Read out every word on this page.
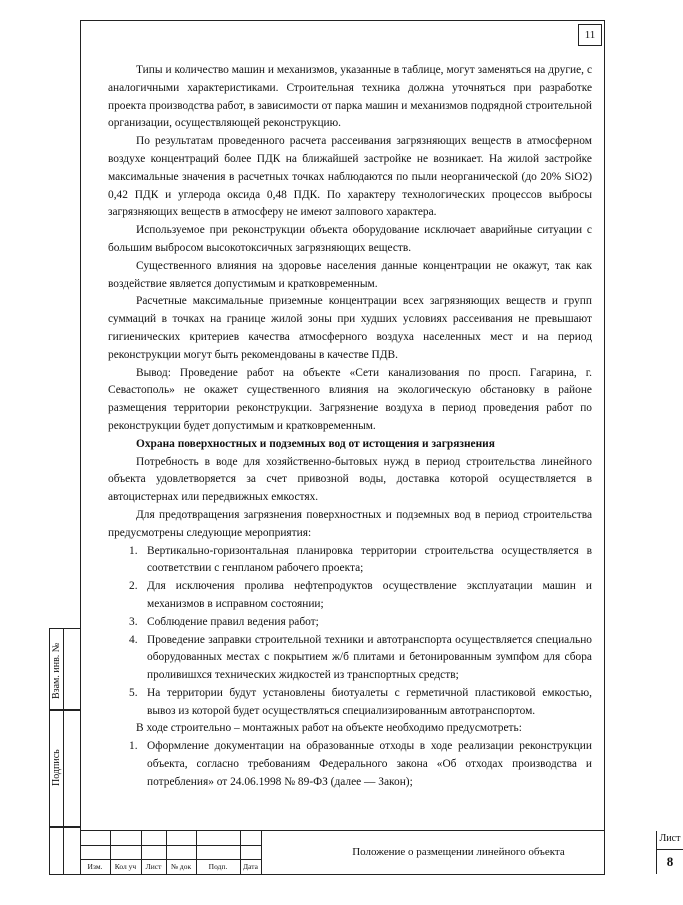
11
Взам. инв. №
Подпись

Типы и количество машин и механизмов, указанные в таблице, могут заменяться на другие, с аналогичными характеристиками. Строительная техника должна уточняться при разработке проекта производства работ, в зависимости от парка машин и механизмов подрядной строительной организации, осуществляющей реконструкцию.

По результатам проведенного расчета рассеивания загрязняющих веществ в атмосферном воздухе концентраций более ПДК на ближайшей застройке не возникает. На жилой застройке максимальные значения в расчетных точках наблюдаются по пыли неорганической (до 20% SiO2) 0,42 ПДК и углерода оксида 0,48 ПДК. По характеру технологических процессов выбросы загрязняющих веществ в атмосферу не имеют залпового характера.

Используемое при реконструкции объекта оборудование исключает аварийные ситуации с большим выбросом высокотоксичных загрязняющих веществ.

Существенного влияния на здоровье населения данные концентрации не окажут, так как воздействие является допустимым и кратковременным.

Расчетные максимальные приземные концентрации всех загрязняющих веществ и групп суммаций в точках на границе жилой зоны при худших условиях рассеивания не превышают гигиенических критериев качества атмосферного воздуха населенных мест и на период реконструкции могут быть рекомендованы в качестве ПДВ.

Вывод: Проведение работ на объекте «Сети канализования по просп. Гагарина, г. Севастополь» не окажет существенного влияния на экологическую обстановку в районе размещения территории реконструкции. Загрязнение воздуха в период проведения работ по реконструкции будет допустимым и кратковременным.

Охрана поверхностных и подземных вод от истощения и загрязнения

Потребность в воде для хозяйственно-бытовых нужд в период строительства линейного объекта удовлетворяется за счет привозной воды, доставка которой осуществляется в автоцистернах или передвижных емкостях.

Для предотвращения загрязнения поверхностных и подземных вод в период строительства предусмотрены следующие мероприятия:

1. Вертикально-горизонтальная планировка территории строительства осуществляется в соответствии с генпланом рабочего проекта;
2. Для исключения пролива нефтепродуктов осуществление эксплуатации машин и механизмов в исправном состоянии;
3. Соблюдение правил ведения работ;
4. Проведение заправки строительной техники и автотранспорта осуществляется специально оборудованных местах с покрытием ж/б плитами и бетонированным зумпфом для сбора проливишхся технических жидкостей из транспортных средств;
5. На территории будут установлены биотуалеты с герметичной пластиковой емкостью, вывоз из которой будет осуществляться специализированным автотранспортом.

В ходе строительно – монтажных работ на объекте необходимо предусмотреть:

1. Оформление документации на образованные отходы в ходе реализации реконструкции объекта, согласно требованиям Федерального закона «Об отходах производства и потребления» от 24.06.1998 № 89-ФЗ (далее — Закон);
Изм.	Кол уч	Лист	№ док	Подп.	Дата
Положение о размещении линейного объекта
Лист
8
